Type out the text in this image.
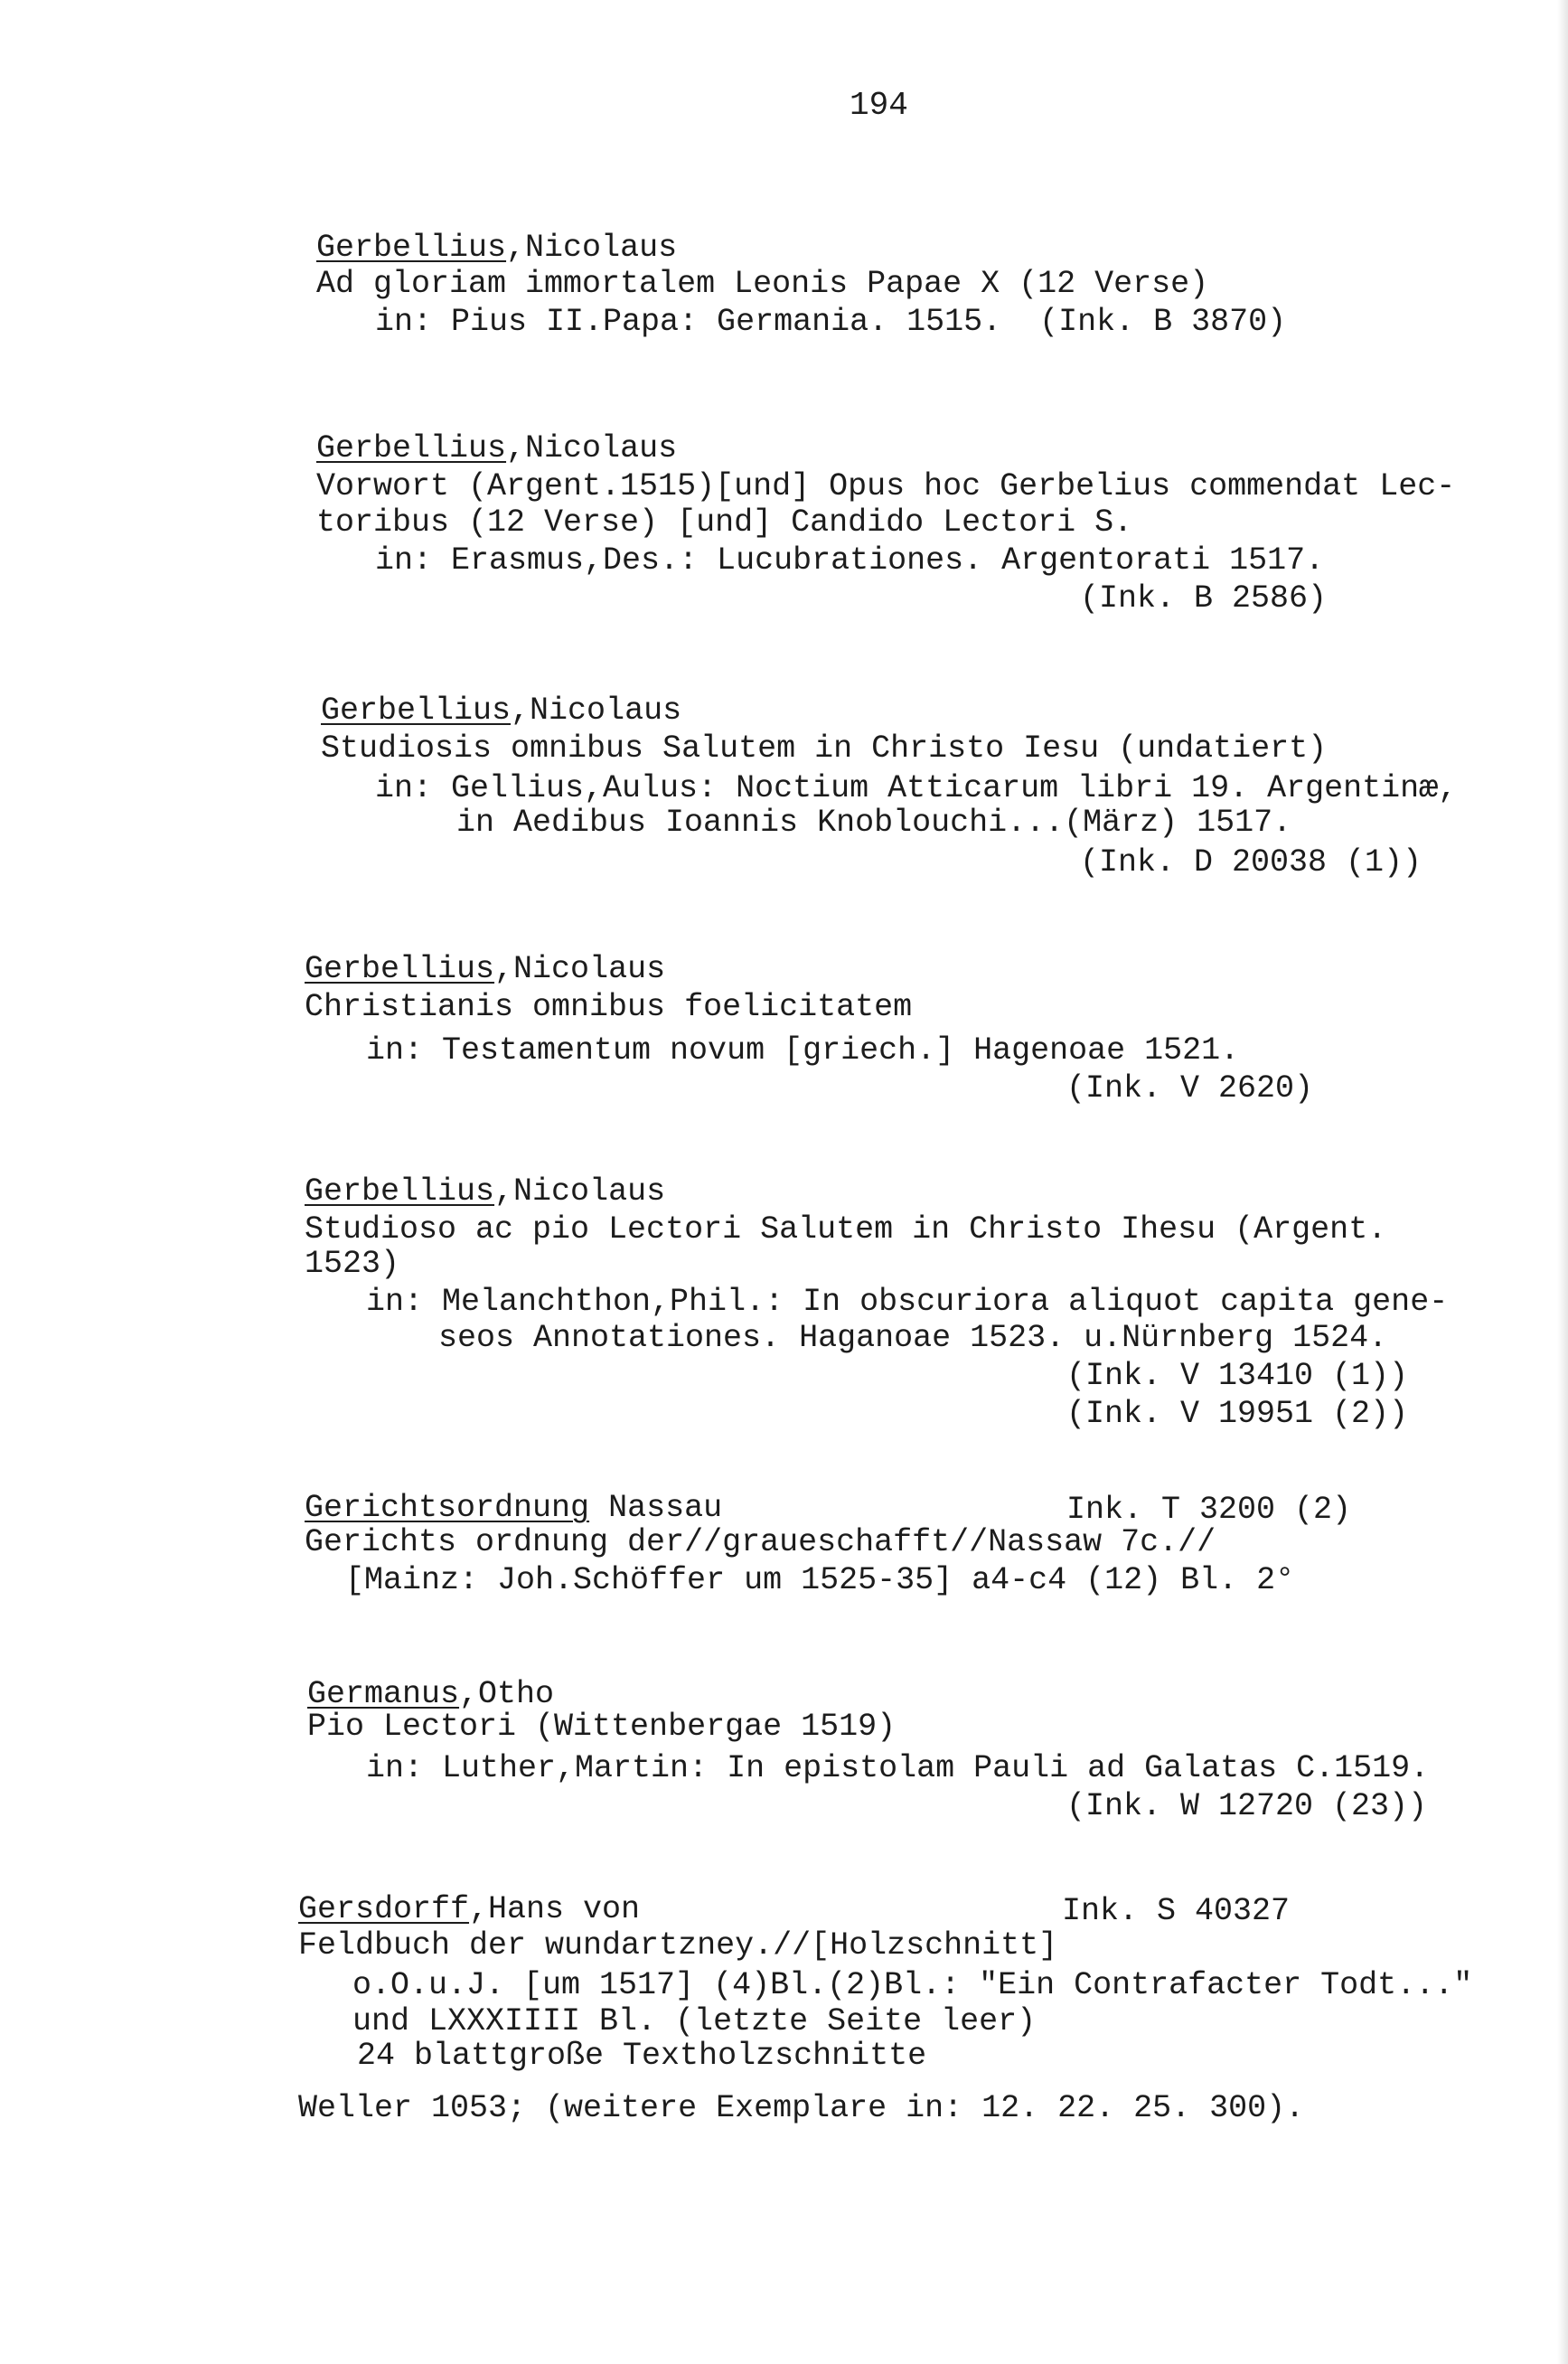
194
Gerbellius,Nicolaus
Ad gloriam immortalem Leonis Papae X (12 Verse)
in: Pius II.Papa: Germania. 1515.  (Ink. B 3870)
Gerbellius,Nicolaus
Vorwort (Argent.1515)[und] Opus hoc Gerbelius commendat Lec-
toribus (12 Verse) [und] Candido Lectori S.
in: Erasmus,Des.: Lucubrationes. Argentorati 1517.
(Ink. B 2586)
Gerbellius,Nicolaus
Studiosis omnibus Salutem in Christo Iesu (undatiert)
in: Gellius,Aulus: Noctium Atticarum libri 19. Argentinæ,
in Aedibus Ioannis Knoblouchi...(März) 1517.
(Ink. D 20038 (1))
Gerbellius,Nicolaus
Christianis omnibus foelicitatem
in: Testamentum novum [griech.] Hagenoae 1521.
(Ink. V 2620)
Gerbellius,Nicolaus
Studioso ac pio Lectori Salutem in Christo Ihesu (Argent.
1523)
in: Melanchthon,Phil.: In obscuriora aliquot capita gene-
seos Annotationes. Haganoae 1523. u.Nürnberg 1524.
(Ink. V 13410 (1))
(Ink. V 19951 (2))
Gerichtsordnung Nassau	Ink. T 3200 (2)
Gerichts ordnung der//graueschafft//Nassaw 7c.//
[Mainz: Joh.Schöffer um 1525-35] a4-c4 (12) Bl. 2°
Germanus,Otho
Pio Lectori (Wittenbergae 1519)
in: Luther,Martin: In epistolam Pauli ad Galatas C.1519.
(Ink. W 12720 (23))
Gersdorff,Hans von	Ink. S 40327
Feldbuch der wundartzney.//[Holzschnitt]
o.O.u.J. [um 1517] (4)Bl.(2)Bl.: "Ein Contrafacter Todt..."
und LXXXIIII Bl. (letzte Seite leer)
24 blattgroße Textholzschnitte
Weller 1053; (weitere Exemplare in: 12. 22. 25. 300).
